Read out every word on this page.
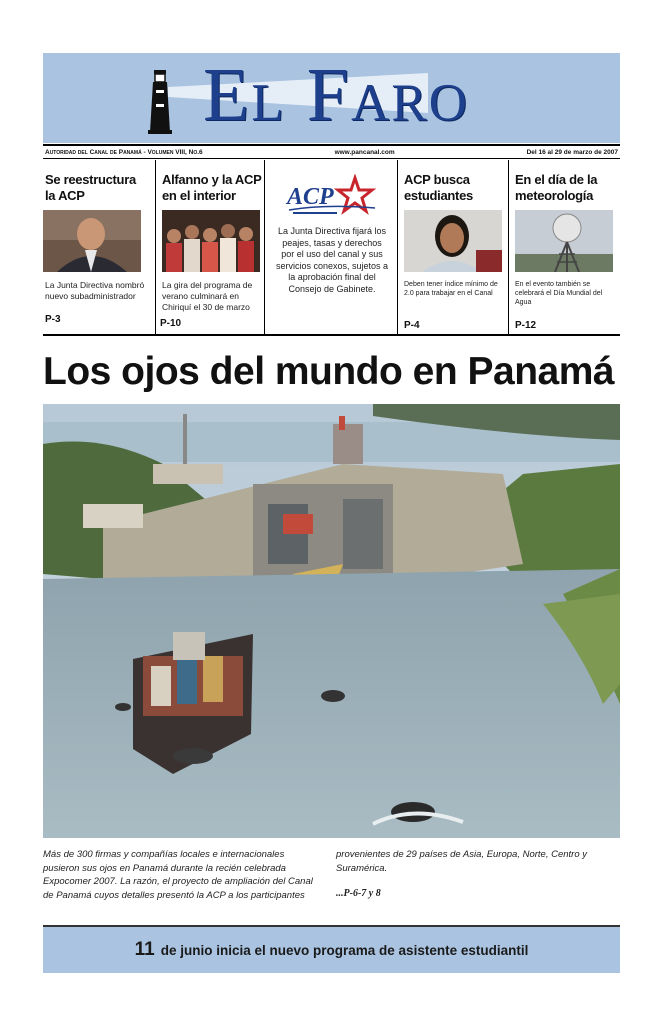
El Faro
Autoridad del Canal de Panamá - Volumen VIII, No.6	www.pancanal.com	Del 16 al 29 de marzo de 2007
Se reestructura la ACP

La Junta Directiva nombró nuevo subadministrador

P-3
Alfanno y la ACP en el interior

La gira del programa de verano culminará en Chiriquí el 30 de marzo

P-10
ACP

La Junta Directiva fijará los peajes, tasas y derechos por el uso del canal y sus servicios conexos, sujetos a la aprobación final del Consejo de Gabinete.

ACP busca estudiantes

Deben tener índice mínimo de 2.0 para trabajar en el Canal

P-4
En el día de la meteorología

En el evento también se celebrará el Día Mundial del Agua

P-12
Los ojos del mundo en Panamá

Más de 300 firmas y compañías locales e internacionales pusieron sus ojos en Panamá durante la recién celebrada Expocomer 2007. La razón, el proyecto de ampliación del Canal de Panamá cuyos detalles presentó la ACP a los participantes

provenientes de 29 países de Asia, Europa, Norte, Centro y Suramérica.
...P-6-7 y 8
11 de junio inicia el nuevo programa de asistente estudiantil
